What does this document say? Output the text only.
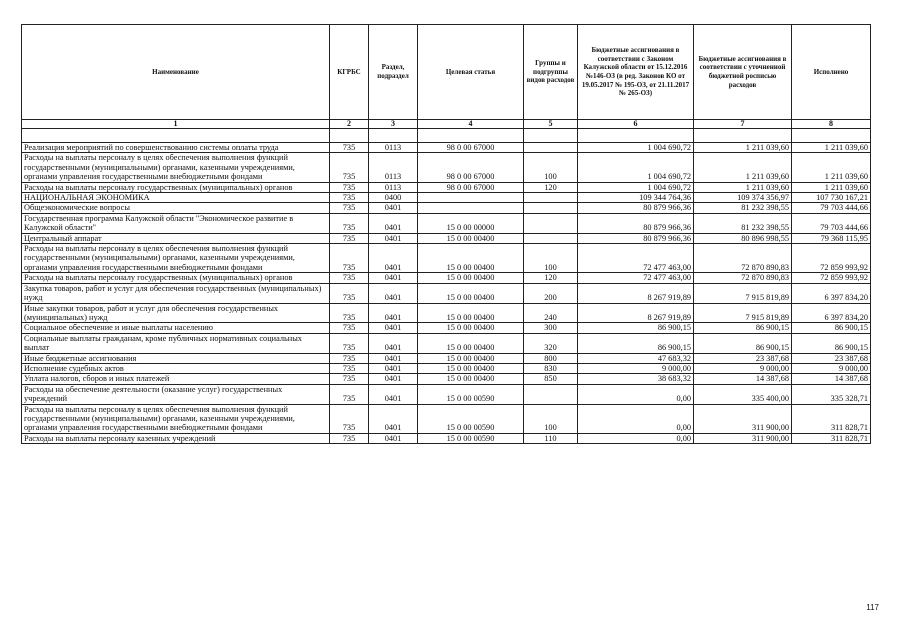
Наименование	КГРБС	Раздел, подраздел	Целевая статья	Группы и подгруппы видов расходов	Бюджетные ассигнования в соответствии с Законом Калужской области от 15.12.2016 №146-ОЗ (в ред. Законов КО от 19.05.2017 № 195-ОЗ, от 21.11.2017 № 265-ОЗ)	Бюджетные ассигнования в соответствии с уточненной бюджетной росписью расходов	Исполнено
1	2	3	4	5	6	7	8

Реализация мероприятий по совершенствованию системы оплаты труда	735	0113	98 0 00 67000		1 004 690,72	1 211 039,60	1 211 039,60
Расходы на выплаты персоналу в целях обеспечения выполнения функций государственными (муниципальными) органами, казенными учреждениями, органами управления государственными внебюджетными фондами	735	0113	98 0 00 67000	100	1 004 690,72	1 211 039,60	1 211 039,60
Расходы на выплаты персоналу государственных (муниципальных) органов	735	0113	98 0 00 67000	120	1 004 690,72	1 211 039,60	1 211 039,60
НАЦИОНАЛЬНАЯ ЭКОНОМИКА	735	0400			109 344 764,36	109 374 356,97	107 730 167,21
Общеэкономические вопросы	735	0401			80 879 966,36	81 232 398,55	79 703 444,66
Государственная программа Калужской области "Экономическое развитие в Калужской области"	735	0401	15 0 00 00000		80 879 966,36	81 232 398,55	79 703 444,66
Центральный аппарат	735	0401	15 0 00 00400		80 879 966,36	80 896 998,55	79 368 115,95
Расходы на выплаты персоналу в целях обеспечения выполнения функций государственными (муниципальными) органами, казенными учреждениями, органами управления государственными внебюджетными фондами	735	0401	15 0 00 00400	100	72 477 463,00	72 870 890,83	72 859 993,92
Расходы на выплаты персоналу государственных (муниципальных) органов	735	0401	15 0 00 00400	120	72 477 463,00	72 870 890,83	72 859 993,92
Закупка товаров, работ и услуг для обеспечения государственных (муниципальных) нужд	735	0401	15 0 00 00400	200	8 267 919,89	7 915 819,89	6 397 834,20
Иные закупки товаров, работ и услуг для обеспечения государственных (муниципальных) нужд	735	0401	15 0 00 00400	240	8 267 919,89	7 915 819,89	6 397 834,20
Социальное обеспечение и иные выплаты населению	735	0401	15 0 00 00400	300	86 900,15	86 900,15	86 900,15
Социальные выплаты гражданам, кроме публичных нормативных социальных выплат	735	0401	15 0 00 00400	320	86 900,15	86 900,15	86 900,15
Иные бюджетные ассигнования	735	0401	15 0 00 00400	800	47 683,32	23 387,68	23 387,68
Исполнение судебных актов	735	0401	15 0 00 00400	830	9 000,00	9 000,00	9 000,00
Уплата налогов, сборов и иных платежей	735	0401	15 0 00 00400	850	38 683,32	14 387,68	14 387,68
Расходы на обеспечение деятельности (оказание услуг) государственных учреждений	735	0401	15 0 00 00590		0,00	335 400,00	335 328,71
Расходы на выплаты персоналу в целях обеспечения выполнения функций государственными (муниципальными) органами, казенными учреждениями, органами управления государственными внебюджетными фондами	735	0401	15 0 00 00590	100	0,00	311 900,00	311 828,71
Расходы на выплаты персоналу казенных учреждений	735	0401	15 0 00 00590	110	0,00	311 900,00	311 828,71
117
